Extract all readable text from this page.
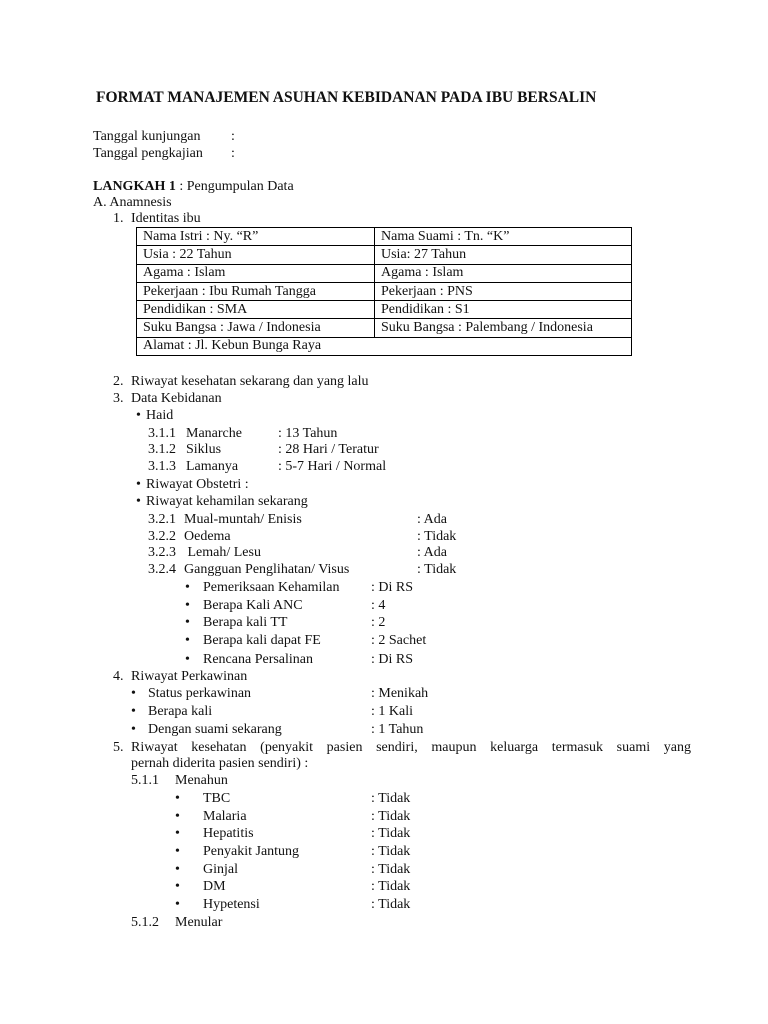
FORMAT MANAJEMEN ASUHAN KEBIDANAN PADA IBU BERSALIN
Tanggal kunjungan :
Tanggal pengkajian :
LANGKAH 1 : Pengumpulan Data
A. Anamnesis
1. Identitas ibu
Nama Istri : Ny. “R”	Nama Suami : Tn. “K”
Usia : 22 Tahun	Usia: 27 Tahun
Agama : Islam	Agama : Islam
Pekerjaan : Ibu Rumah Tangga	Pekerjaan : PNS
Pendidikan : SMA	Pendidikan : S1
Suku Bangsa : Jawa / Indonesia	Suku Bangsa : Palembang / Indonesia
Alamat : Jl. Kebun Bunga Raya	
2. Riwayat kesehatan sekarang dan yang lalu
3. Data Kebidanan
• Haid
3.1.1 Manarche	: 13 Tahun
3.1.2 Siklus	: 28 Hari / Teratur
3.1.3 Lamanya	: 5-7 Hari / Normal
• Riwayat Obstetri :
• Riwayat kehamilan sekarang
3.2.1 Mual-muntah/ Enisis	: Ada
3.2.2 Oedema	: Tidak
3.2.3 Lemah/ Lesu	: Ada
3.2.4 Gangguan Penglihatan/ Visus	: Tidak
• Pemeriksaan Kehamilan : Di RS
• Berapa Kali ANC	: 4
• Berapa kali TT	: 2
• Berapa kali dapat FE	: 2 Sachet
• Rencana Persalinan	: Di RS
4. Riwayat Perkawinan
• Status perkawinan	: Menikah
• Berapa kali	: 1 Kali
• Dengan suami sekarang	: 1 Tahun
5. Riwayat kesehatan (penyakit pasien sendiri, maupun keluarga termasuk suami yang
pernah diderita pasien sendiri) :
5.1.1 Menahun
• TBC	: Tidak
• Malaria	: Tidak
• Hepatitis	: Tidak
• Penyakit Jantung	: Tidak
• Ginjal	: Tidak
• DM	: Tidak
• Hypetensi	: Tidak
5.1.2 Menular
